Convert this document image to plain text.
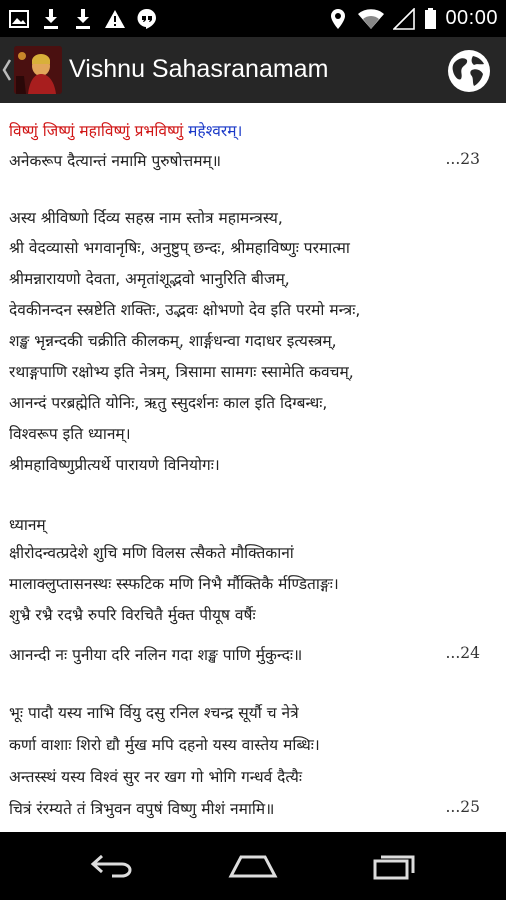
00:00
Vishnu Sahasranamam
विष्णुं जिष्णुं महाविष्णुं प्रभविष्णुं महेश्वरम्।
अनेकरूप दैत्यान्तं नमामि पुरुषोत्तमम्॥	...23
अस्य श्रीविष्णो र्दिव्य सहस्र नाम स्तोत्र महामन्त्रस्य,
श्री वेदव्यासो भगवानृषिः, अनुष्टुप् छन्दः, श्रीमहाविष्णुः परमात्मा
श्रीमन्नारायणो देवता, अमृतांशूद्भवो भानुरिति बीजम्,
देवकीनन्दन स्स्रष्टेति शक्तिः, उद्भवः क्षोभणो देव इति परमो मन्त्रः,
शङ्ख भृन्नन्दकी चक्रीति कीलकम्, शार्ङ्गधन्वा गदाधर इत्यस्त्रम्,
रथाङ्गपाणि रक्षोभ्य इति नेत्रम्, त्रिसामा सामगः स्सामेति कवचम्,
आनन्दं परब्रह्मेति योनिः, ऋतु स्सुदर्शनः काल इति दिग्बन्धः,
विश्वरूप इति ध्यानम्।
श्रीमहाविष्णुप्रीत्यर्थे पारायणे विनियोगः।
ध्यानम्
क्षीरोदन्वत्प्रदेशे शुचि मणि विलस त्सैकते मौक्तिकानां
मालाक्लुप्तासनस्थः स्स्फटिक मणि निभै र्मौक्तिकै र्मण्डिताङ्गः।
शुभ्रै रभ्रै रदभ्रै रुपरि विरचितै र्मुक्त पीयूष वर्षैः
आनन्दी नः पुनीया दरि नलिन गदा शङ्ख पाणि र्मुकुन्दः॥	...24
भूः पादौ यस्य नाभि र्वियु दसु रनिल श्चन्द्र सूर्यौ च नेत्रे
कर्णा वाशाः शिरो द्यौ र्मुख मपि दहनो यस्य वास्तेय मब्धिः।
अन्तस्स्थं यस्य विश्वं सुर नर खग गो भोगि गन्धर्व दैत्यैः
चित्रं रंरम्यते तं त्रिभुवन वपुषं विष्णु मीशं नमामि॥	...25
